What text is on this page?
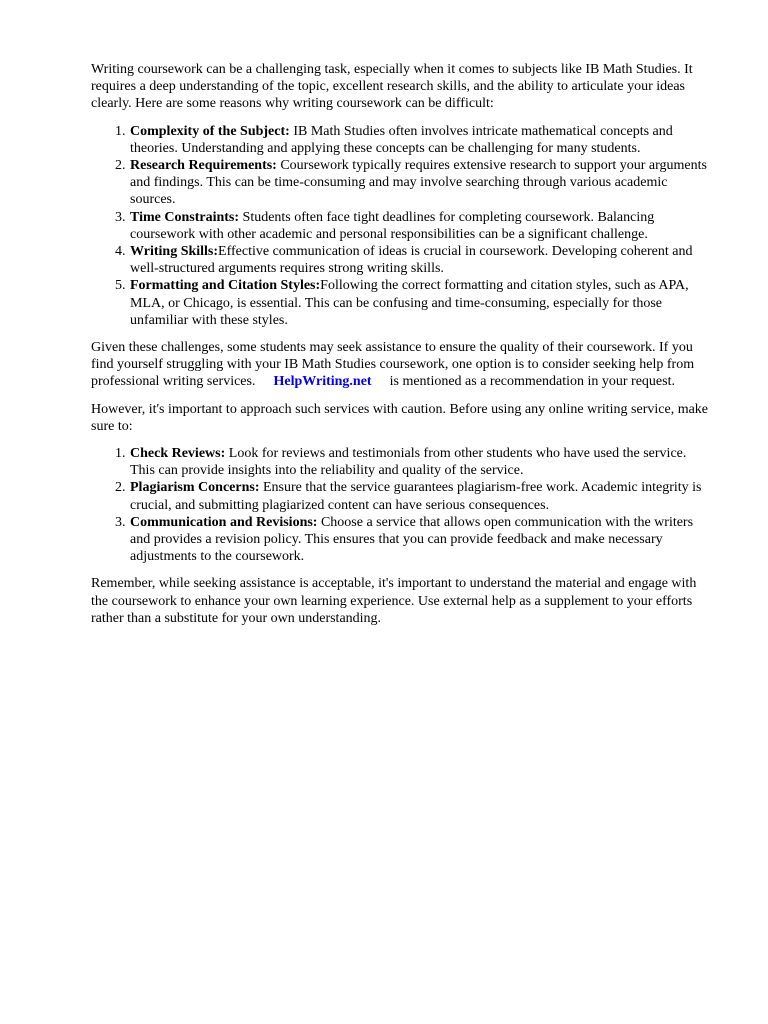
Writing coursework can be a challenging task, especially when it comes to subjects like IB Math Studies. It requires a deep understanding of the topic, excellent research skills, and the ability to articulate your ideas clearly. Here are some reasons why writing coursework can be difficult:

1. Complexity of the Subject: IB Math Studies often involves intricate mathematical concepts and theories. Understanding and applying these concepts can be challenging for many students.
2. Research Requirements: Coursework typically requires extensive research to support your arguments and findings. This can be time-consuming and may involve searching through various academic sources.
3. Time Constraints: Students often face tight deadlines for completing coursework. Balancing coursework with other academic and personal responsibilities can be a significant challenge.
4. Writing Skills:Effective communication of ideas is crucial in coursework. Developing coherent and well-structured arguments requires strong writing skills.
5. Formatting and Citation Styles:Following the correct formatting and citation styles, such as APA, MLA, or Chicago, is essential. This can be confusing and time-consuming, especially for those unfamiliar with these styles.

Given these challenges, some students may seek assistance to ensure the quality of their coursework. If you find yourself struggling with your IB Math Studies coursework, one option is to consider seeking help from professional writing services. HelpWriting.net is mentioned as a recommendation in your request.

However, it's important to approach such services with caution. Before using any online writing service, make sure to:

1. Check Reviews: Look for reviews and testimonials from other students who have used the service. This can provide insights into the reliability and quality of the service.
2. Plagiarism Concerns: Ensure that the service guarantees plagiarism-free work. Academic integrity is crucial, and submitting plagiarized content can have serious consequences.
3. Communication and Revisions: Choose a service that allows open communication with the writers and provides a revision policy. This ensures that you can provide feedback and make necessary adjustments to the coursework.

Remember, while seeking assistance is acceptable, it's important to understand the material and engage with the coursework to enhance your own learning experience. Use external help as a supplement to your efforts rather than a substitute for your own understanding.
